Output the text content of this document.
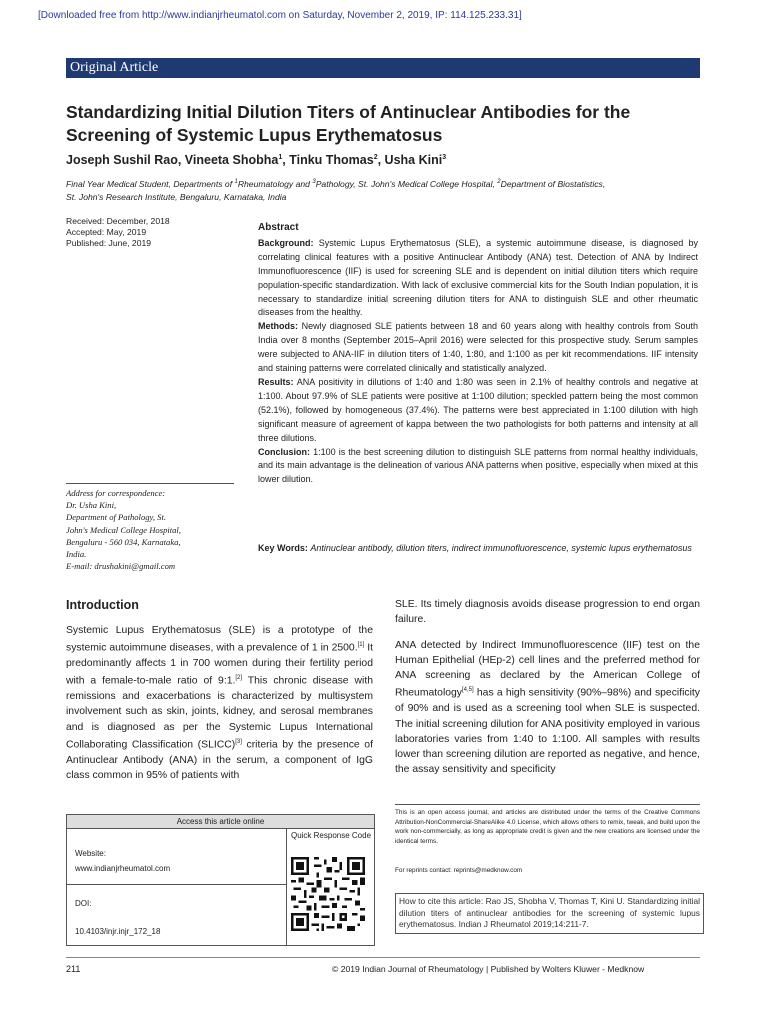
[Downloaded free from http://www.indianjrheumatol.com on Saturday, November 2, 2019, IP: 114.125.233.31]
Original Article
Standardizing Initial Dilution Titers of Antinuclear Antibodies for the Screening of Systemic Lupus Erythematosus
Joseph Sushil Rao, Vineeta Shobha$^1$, Tinku Thomas$^2$, Usha Kini$^3$
Final Year Medical Student, Departments of $^1$Rheumatology and $^3$Pathology, St. John's Medical College Hospital, $^2$Department of Biostatistics,
St. John's Research Institute, Bengaluru, Karnataka, India
Received: December, 2018
Accepted: May, 2019
Published: June, 2019
Address for correspondence:
Dr. Usha Kini,
Department of Pathology, St.
John's Medical College Hospital,
Bengaluru - 560 034, Karnataka,
India.
E-mail: drushakini@gmail.com
Abstract

Background: Systemic Lupus Erythematosus (SLE), a systemic autoimmune disease, is diagnosed by correlating clinical features with a positive Antinuclear Antibody (ANA) test. Detection of ANA by Indirect Immunofluorescence (IIF) is used for screening SLE and is dependent on initial dilution titers which require population-specific standardization. With lack of exclusive commercial kits for the South Indian population, it is necessary to standardize initial screening dilution titers for ANA to distinguish SLE and other rheumatic diseases from the healthy.

Methods: Newly diagnosed SLE patients between 18 and 60 years along with healthy controls from South India over 8 months (September 2015–April 2016) were selected for this prospective study. Serum samples were subjected to ANA-IIF in dilution titers of 1:40, 1:80, and 1:100 as per kit recommendations. IIF intensity and staining patterns were correlated clinically and statistically analyzed.

Results: ANA positivity in dilutions of 1:40 and 1:80 was seen in 2.1% of healthy controls and negative at 1:100. About 97.9% of SLE patients were positive at 1:100 dilution; speckled pattern being the most common (52.1%), followed by homogeneous (37.4%). The patterns were best appreciated in 1:100 dilution with high significant measure of agreement of kappa between the two pathologists for both patterns and intensity at all three dilutions.

Conclusion: 1:100 is the best screening dilution to distinguish SLE patterns from normal healthy individuals, and its main advantage is the delineation of various ANA patterns when positive, especially when mixed at this lower dilution.

Key Words: Antinuclear antibody, dilution titers, indirect immunofluorescence, systemic lupus erythematosus
Introduction
Systemic Lupus Erythematosus (SLE) is a prototype of the systemic autoimmune diseases, with a prevalence of 1 in 2500.[1] It predominantly affects 1 in 700 women during their fertility period with a female-to-male ratio of 9:1.[2] This chronic disease with remissions and exacerbations is characterized by multisystem involvement such as skin, joints, kidney, and serosal membranes and is diagnosed as per the Systemic Lupus International Collaborating Classification (SLICC)[3] criteria by the presence of Antinuclear Antibody (ANA) in the serum, a component of IgG class common in 95% of patients with

SLE. Its timely diagnosis avoids disease progression to end organ failure.

ANA detected by Indirect Immunofluorescence (IIF) test on the Human Epithelial (HEp-2) cell lines and the preferred method for ANA screening as declared by the American College of Rheumatology[4,5] has a high sensitivity (90%–98%) and specificity of 90% and is used as a screening tool when SLE is suspected. The initial screening dilution for ANA positivity employed in various laboratories varies from 1:40 to 1:100. All samples with results lower than screening dilution are reported as negative, and hence, the assay sensitivity and specificity

Access this article online
Website:
www.indianjrheumatol.com
DOI:
10.4103/injr.injr_172_18
Quick Response Code
This is an open access journal, and articles are distributed under the terms of the Creative Commons Attribution-NonCommercial-ShareAlike 4.0 License, which allows others to remix, tweak, and build upon the work non-commercially, as long as appropriate credit is given and the new creations are licensed under the identical terms.
For reprints contact: reprints@medknow.com
How to cite this article: Rao JS, Shobha V, Thomas T, Kini U. Standardizing initial dilution titers of antinuclear antibodies for the screening of systemic lupus erythematosus. Indian J Rheumatol 2019;14:211-7.
211	© 2019 Indian Journal of Rheumatology | Published by Wolters Kluwer - Medknow
